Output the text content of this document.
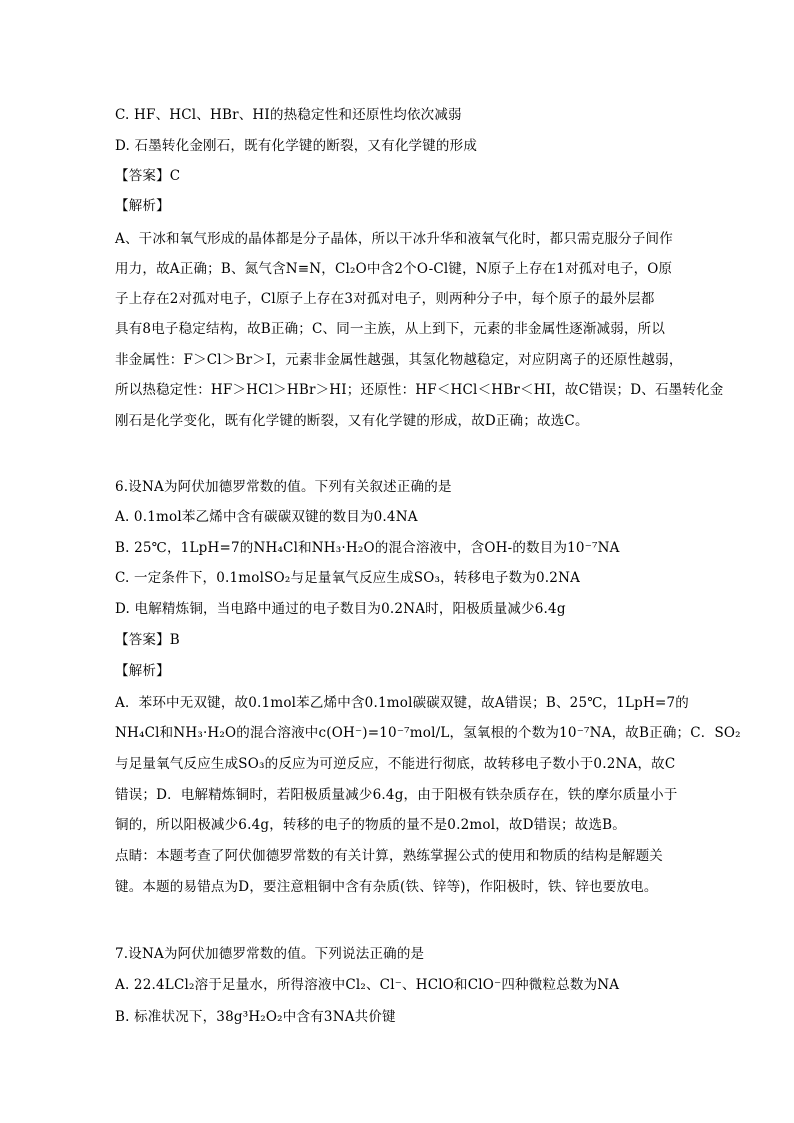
C. HF、HCl、HBr、HI的热稳定性和还原性均依次减弱
D. 石墨转化金刚石，既有化学键的断裂，又有化学键的形成
【答案】C
【解析】
A、干冰和氧气形成的晶体都是分子晶体，所以干冰升华和液氧气化时，都只需克服分子间作
用力，故A正确；B、氮气含N≡N，Cl₂O中含2个O-Cl键，N原子上存在1对孤对电子，O原
子上存在2对孤对电子，Cl原子上存在3对孤对电子，则两种分子中，每个原子的最外层都
具有8电子稳定结构，故B正确；C、同一主族，从上到下，元素的非金属性逐渐减弱，所以
非金属性：F＞Cl＞Br＞I，元素非金属性越强，其氢化物越稳定，对应阴离子的还原性越弱，
所以热稳定性：HF＞HCl＞HBr＞HI；还原性：HF＜HCl＜HBr＜HI，故C错误；D、石墨转化金
刚石是化学变化，既有化学键的断裂，又有化学键的形成，故D正确；故选C。
6.设NA为阿伏加德罗常数的值。下列有关叙述正确的是
A. 0.1mol苯乙烯中含有碳碳双键的数目为0.4NA
B. 25℃，1LpH=7的NH₄Cl和NH₃·H₂O的混合溶液中，含OH-的数目为10⁻⁷NA
C. 一定条件下，0.1molSO₂与足量氧气反应生成SO₃，转移电子数为0.2NA
D. 电解精炼铜，当电路中通过的电子数目为0.2NA时，阳极质量减少6.4g
【答案】B
【解析】
A．苯环中无双键，故0.1mol苯乙烯中含0.1mol碳碳双键，故A错误；B、25℃，1LpH=7的
NH₄Cl和NH₃·H₂O的混合溶液中c(OH⁻)=10⁻⁷mol/L，氢氧根的个数为10⁻⁷NA，故B正确；C．SO₂
与足量氧气反应生成SO₃的反应为可逆反应，不能进行彻底，故转移电子数小于0.2NA，故C
错误；D．电解精炼铜时，若阳极质量减少6.4g，由于阳极有铁杂质存在，铁的摩尔质量小于
铜的，所以阳极减少6.4g，转移的电子的物质的量不是0.2mol，故D错误；故选B。
点睛：本题考查了阿伏伽德罗常数的有关计算，熟练掌握公式的使用和物质的结构是解题关
键。本题的易错点为D，要注意粗铜中含有杂质(铁、锌等)，作阳极时，铁、锌也要放电。
7.设NA为阿伏加德罗常数的值。下列说法正确的是
A. 22.4LCl₂溶于足量水，所得溶液中Cl₂、Cl⁻、HClO和ClO⁻四种微粒总数为NA
B. 标准状况下，38g³H₂O₂中含有3NA共价键
